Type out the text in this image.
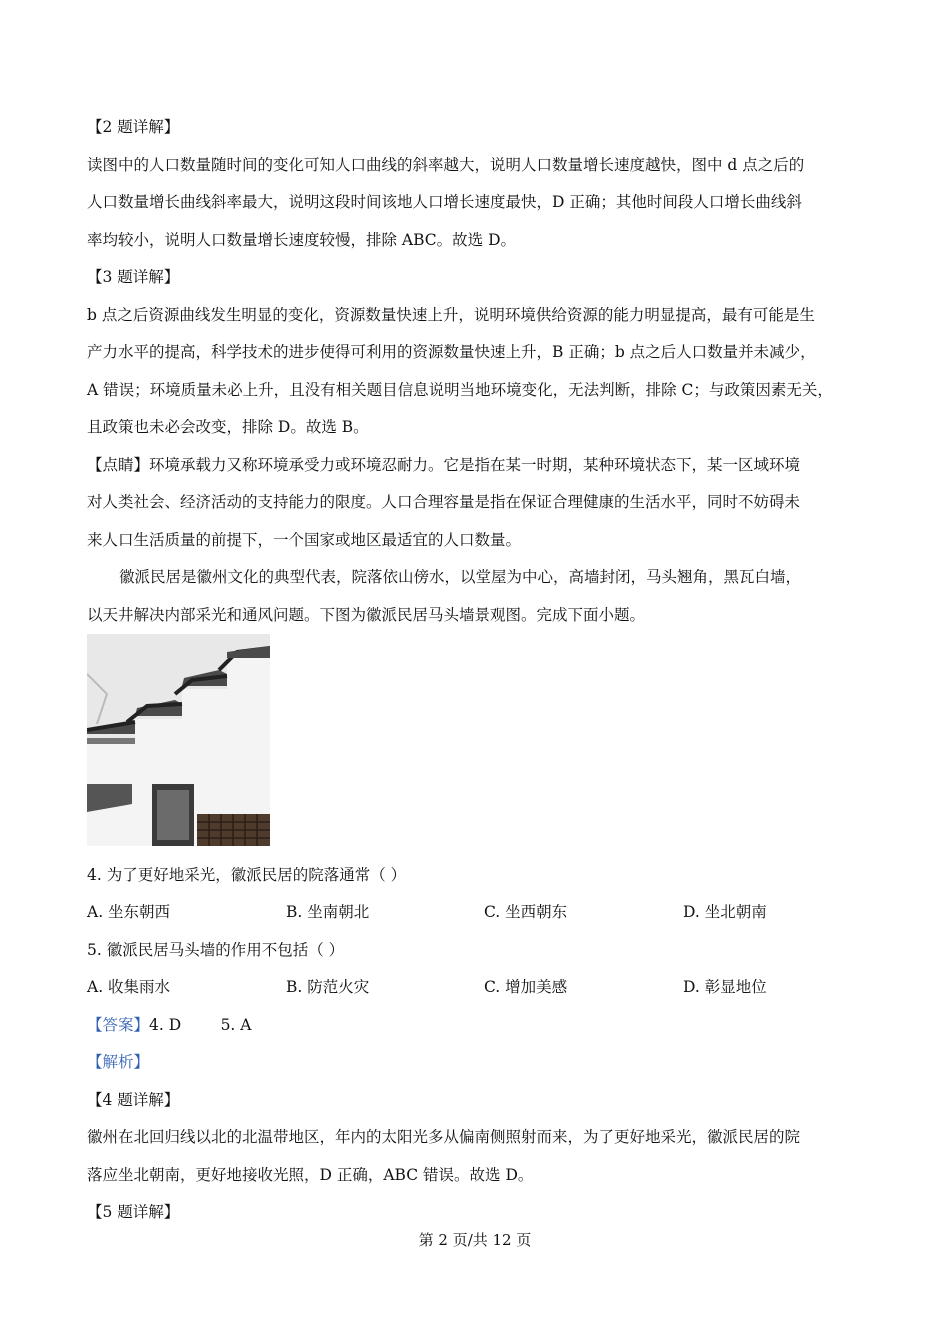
【2 题详解】
读图中的人口数量随时间的变化可知人口曲线的斜率越大，说明人口数量增长速度越快，图中 d 点之后的
人口数量增长曲线斜率最大，说明这段时间该地人口增长速度最快，D 正确；其他时间段人口增长曲线斜
率均较小，说明人口数量增长速度较慢，排除 ABC。故选 D。
【3 题详解】
b 点之后资源曲线发生明显的变化，资源数量快速上升，说明环境供给资源的能力明显提高，最有可能是生
产力水平的提高，科学技术的进步使得可利用的资源数量快速上升，B 正确；b 点之后人口数量并未减少，
A 错误；环境质量未必上升，且没有相关题目信息说明当地环境变化，无法判断，排除 C；与政策因素无关，
且政策也未必会改变，排除 D。故选 B。
【点睛】环境承载力又称环境承受力或环境忍耐力。它是指在某一时期，某种环境状态下，某一区域环境
对人类社会、经济活动的支持能力的限度。人口合理容量是指在保证合理健康的生活水平，同时不妨碍未
来人口生活质量的前提下，一个国家或地区最适宜的人口数量。
徽派民居是徽州文化的典型代表，院落依山傍水，以堂屋为中心，高墙封闭，马头翘角，黑瓦白墙，
以天井解决内部采光和通风问题。下图为徽派民居马头墙景观图。完成下面小题。
4. 为了更好地采光，徽派民居的院落通常（ ）
A. 坐东朝西	B. 坐南朝北	C. 坐西朝东	D. 坐北朝南
5. 徽派民居马头墙的作用不包括（ ）
A. 收集雨水	B. 防范火灾	C. 增加美感	D. 彰显地位
【答案】4. D        5. A
【解析】
【4 题详解】
徽州在北回归线以北的北温带地区，年内的太阳光多从偏南侧照射而来，为了更好地采光，徽派民居的院
落应坐北朝南，更好地接收光照，D 正确，ABC 错误。故选 D。
【5 题详解】
第 2 页/共 12 页
